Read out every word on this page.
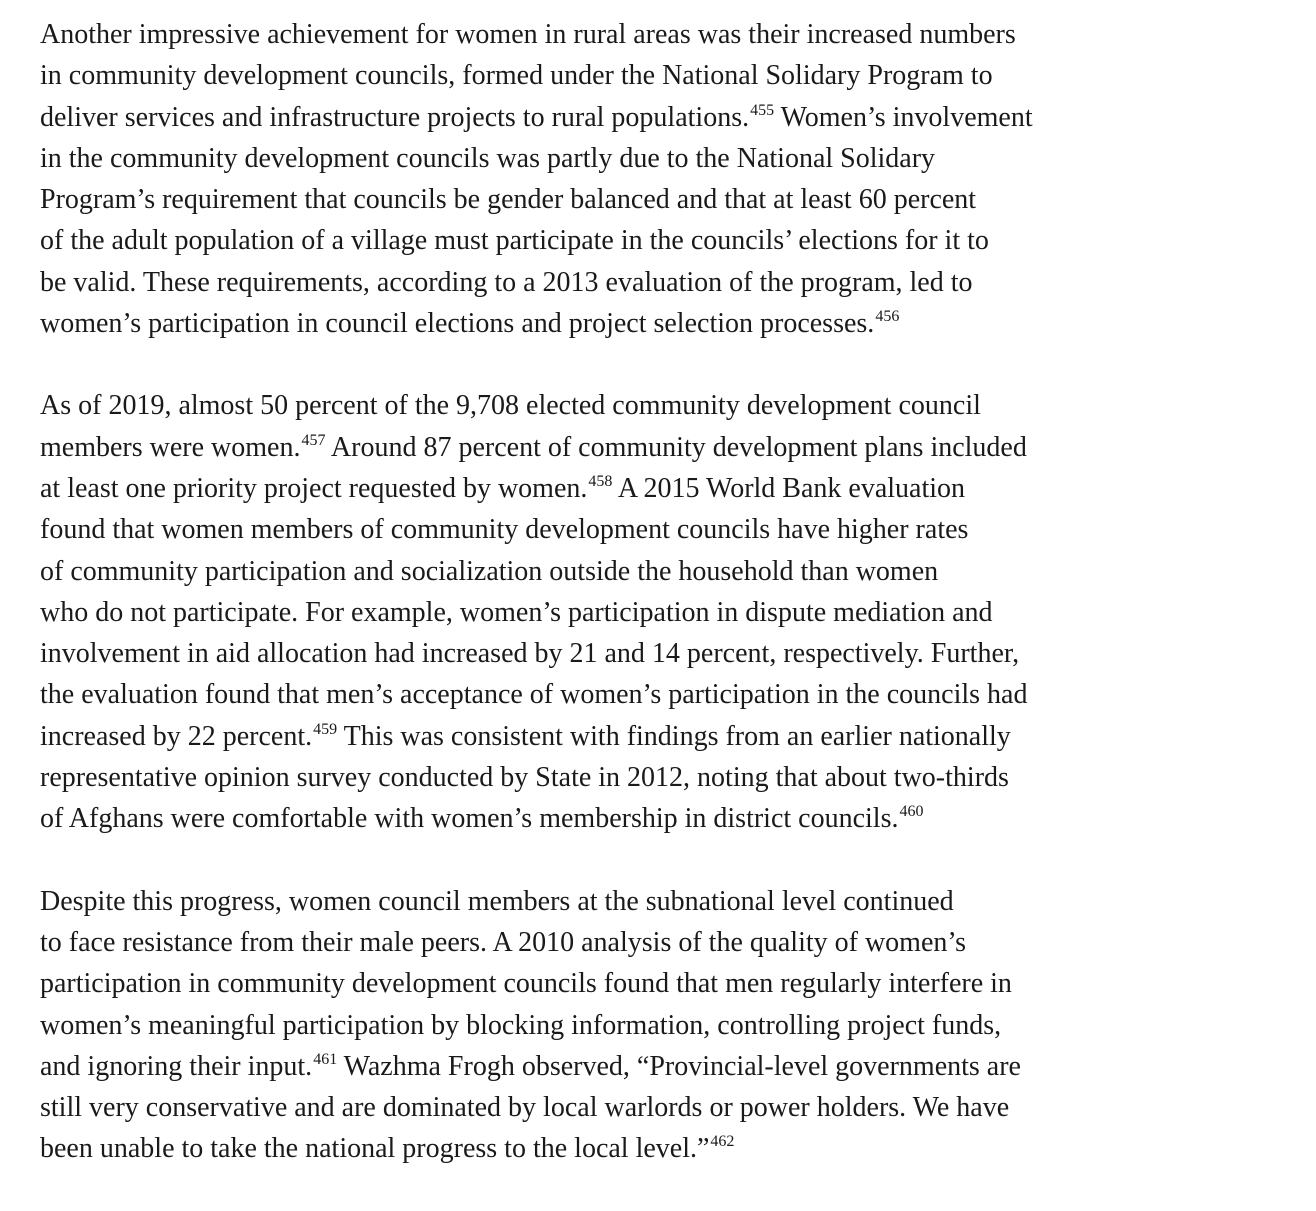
Another impressive achievement for women in rural areas was their increased numbers
in community development councils, formed under the National Solidary Program to
deliver services and infrastructure projects to rural populations.$^{455}$ Women’s involvement
in the community development councils was partly due to the National Solidary
Program’s requirement that councils be gender balanced and that at least 60 percent
of the adult population of a village must participate in the councils’ elections for it to
be valid. These requirements, according to a 2013 evaluation of the program, led to
women’s participation in council elections and project selection processes.$^{456}$
As of 2019, almost 50 percent of the 9,708 elected community development council
members were women.$^{457}$ Around 87 percent of community development plans included
at least one priority project requested by women.$^{458}$ A 2015 World Bank evaluation
found that women members of community development councils have higher rates
of community participation and socialization outside the household than women
who do not participate. For example, women’s participation in dispute mediation and
involvement in aid allocation had increased by 21 and 14 percent, respectively. Further,
the evaluation found that men’s acceptance of women’s participation in the councils had
increased by 22 percent.$^{459}$ This was consistent with findings from an earlier nationally
representative opinion survey conducted by State in 2012, noting that about two-thirds
of Afghans were comfortable with women’s membership in district councils.$^{460}$
Despite this progress, women council members at the subnational level continued
to face resistance from their male peers. A 2010 analysis of the quality of women’s
participation in community development councils found that men regularly interfere in
women’s meaningful participation by blocking information, controlling project funds,
and ignoring their input.$^{461}$ Wazhma Frogh observed, “Provincial-level governments are
still very conservative and are dominated by local warlords or power holders. We have
been unable to take the national progress to the local level.”$^{462}$
